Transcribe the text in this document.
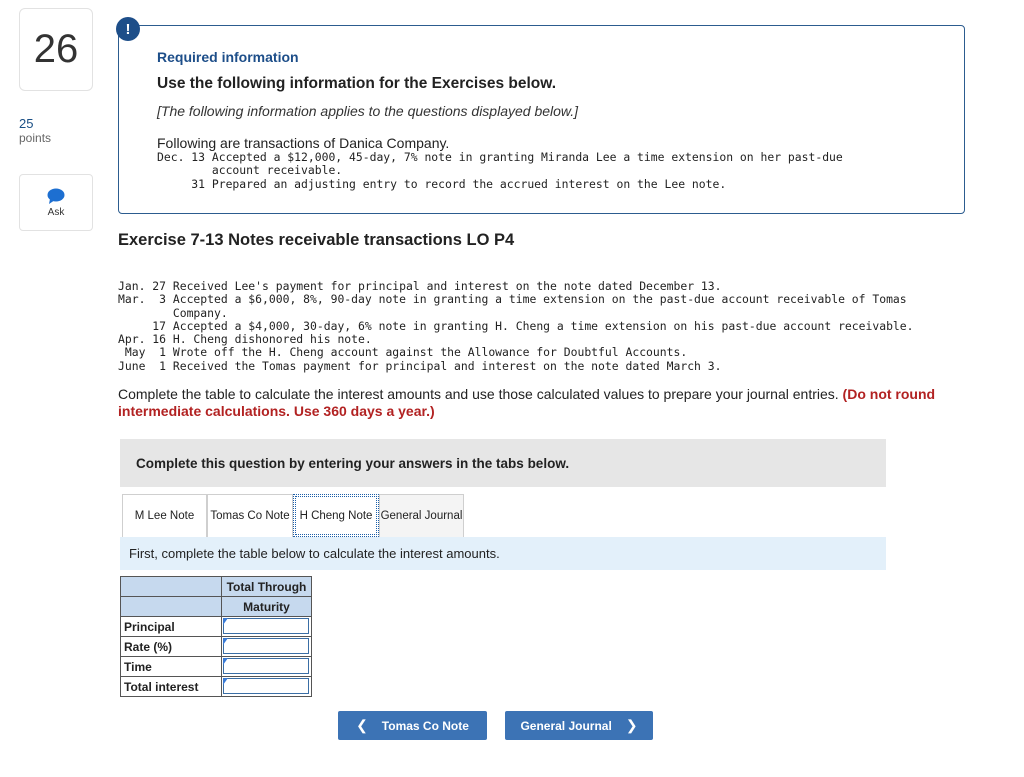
26
25
points
Ask
!
Required information
Use the following information for the Exercises below.
[The following information applies to the questions displayed below.]
Following are transactions of Danica Company.
Dec. 13 Accepted a $12,000, 45-day, 7% note in granting Miranda Lee a time extension on her past-due
account receivable.
31 Prepared an adjusting entry to record the accrued interest on the Lee note.
Exercise 7-13 Notes receivable transactions LO P4
Jan. 27 Received Lee's payment for principal and interest on the note dated December 13.
Mar.  3 Accepted a $6,000, 8%, 90-day note in granting a time extension on the past-due account receivable of Tomas
Company.
17 Accepted a $4,000, 30-day, 6% note in granting H. Cheng a time extension on his past-due account receivable.
Apr. 16 H. Cheng dishonored his note.
May  1 Wrote off the H. Cheng account against the Allowance for Doubtful Accounts.
June  1 Received the Tomas payment for principal and interest on the note dated March 3.
Complete the table to calculate the interest amounts and use those calculated values to prepare your journal entries. (Do not round intermediate calculations. Use 360 days a year.)
Complete this question by entering your answers in the tabs below.
M Lee Note	Tomas Co Note H Cheng Note General Journal
First, complete the table below to calculate the interest amounts.
	Total Through
	Maturity
Principal	

Rate (%)	

Time	

Total interest	
❮ Tomas Co Note	General Journal ❯
